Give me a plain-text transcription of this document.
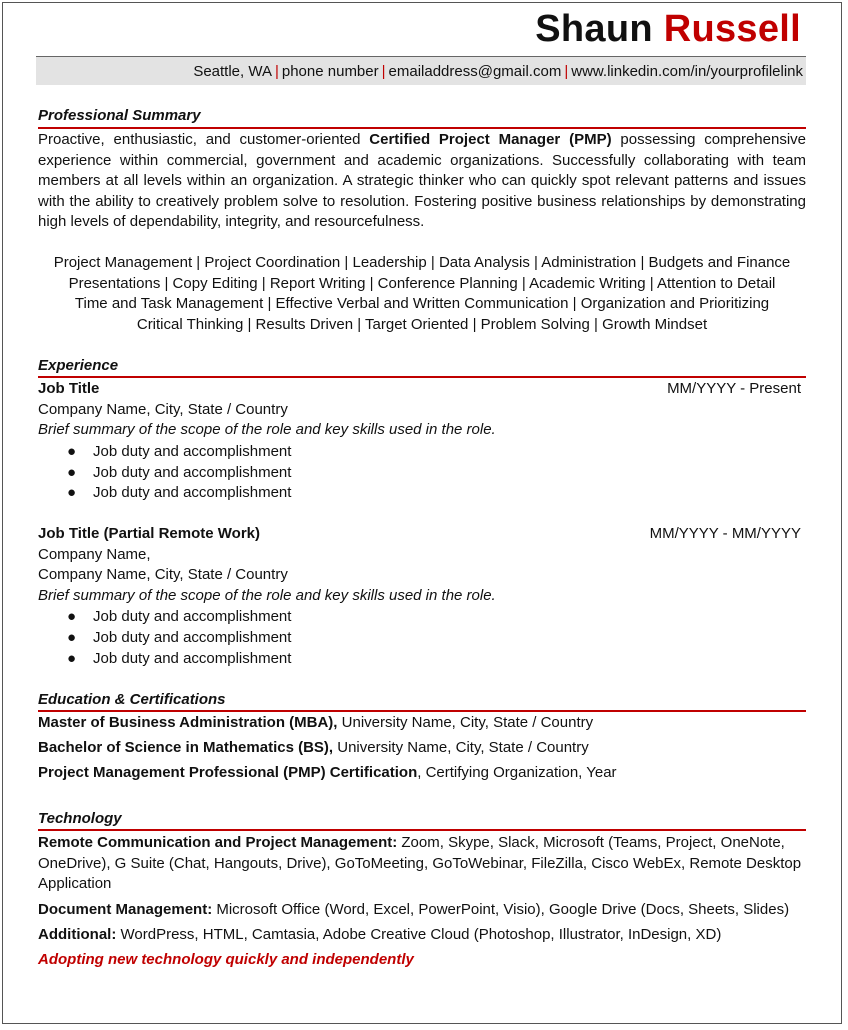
Shaun Russell
Seattle, WA | phone number | emailaddress@gmail.com | www.linkedin.com/in/yourprofilelink
Professional Summary
Proactive, enthusiastic, and customer-oriented Certified Project Manager (PMP) possessing comprehensive experience within commercial, government and academic organizations. Successfully collaborating with team members at all levels within an organization. A strategic thinker who can quickly spot relevant patterns and issues with the ability to creatively problem solve to resolution. Fostering positive business relationships by demonstrating high levels of dependability, integrity, and resourcefulness.
Project Management | Project Coordination | Leadership | Data Analysis | Administration | Budgets and Finance
Presentations | Copy Editing | Report Writing | Conference Planning | Academic Writing | Attention to Detail
Time and Task Management | Effective Verbal and Written Communication | Organization and Prioritizing
Critical Thinking | Results Driven | Target Oriented | Problem Solving | Growth Mindset
Experience
Job Title	MM/YYYY - Present
Company Name, City, State / Country
Brief summary of the scope of the role and key skills used in the role.
● Job duty and accomplishment
● Job duty and accomplishment
● Job duty and accomplishment
Job Title (Partial Remote Work)	MM/YYYY - MM/YYYY
Company Name,
Company Name, City, State / Country
Brief summary of the scope of the role and key skills used in the role.
● Job duty and accomplishment
● Job duty and accomplishment
● Job duty and accomplishment
Education & Certifications
Master of Business Administration (MBA), University Name, City, State / Country
Bachelor of Science in Mathematics (BS), University Name, City, State / Country
Project Management Professional (PMP) Certification, Certifying Organization, Year
Technology
Remote Communication and Project Management: Zoom, Skype, Slack, Microsoft (Teams, Project, OneNote, OneDrive), G Suite (Chat, Hangouts, Drive), GoToMeeting, GoToWebinar, FileZilla, Cisco WebEx, Remote Desktop Application
Document Management: Microsoft Office (Word, Excel, PowerPoint, Visio), Google Drive (Docs, Sheets, Slides)
Additional: WordPress, HTML, Camtasia, Adobe Creative Cloud (Photoshop, Illustrator, InDesign, XD)
Adopting new technology quickly and independently
